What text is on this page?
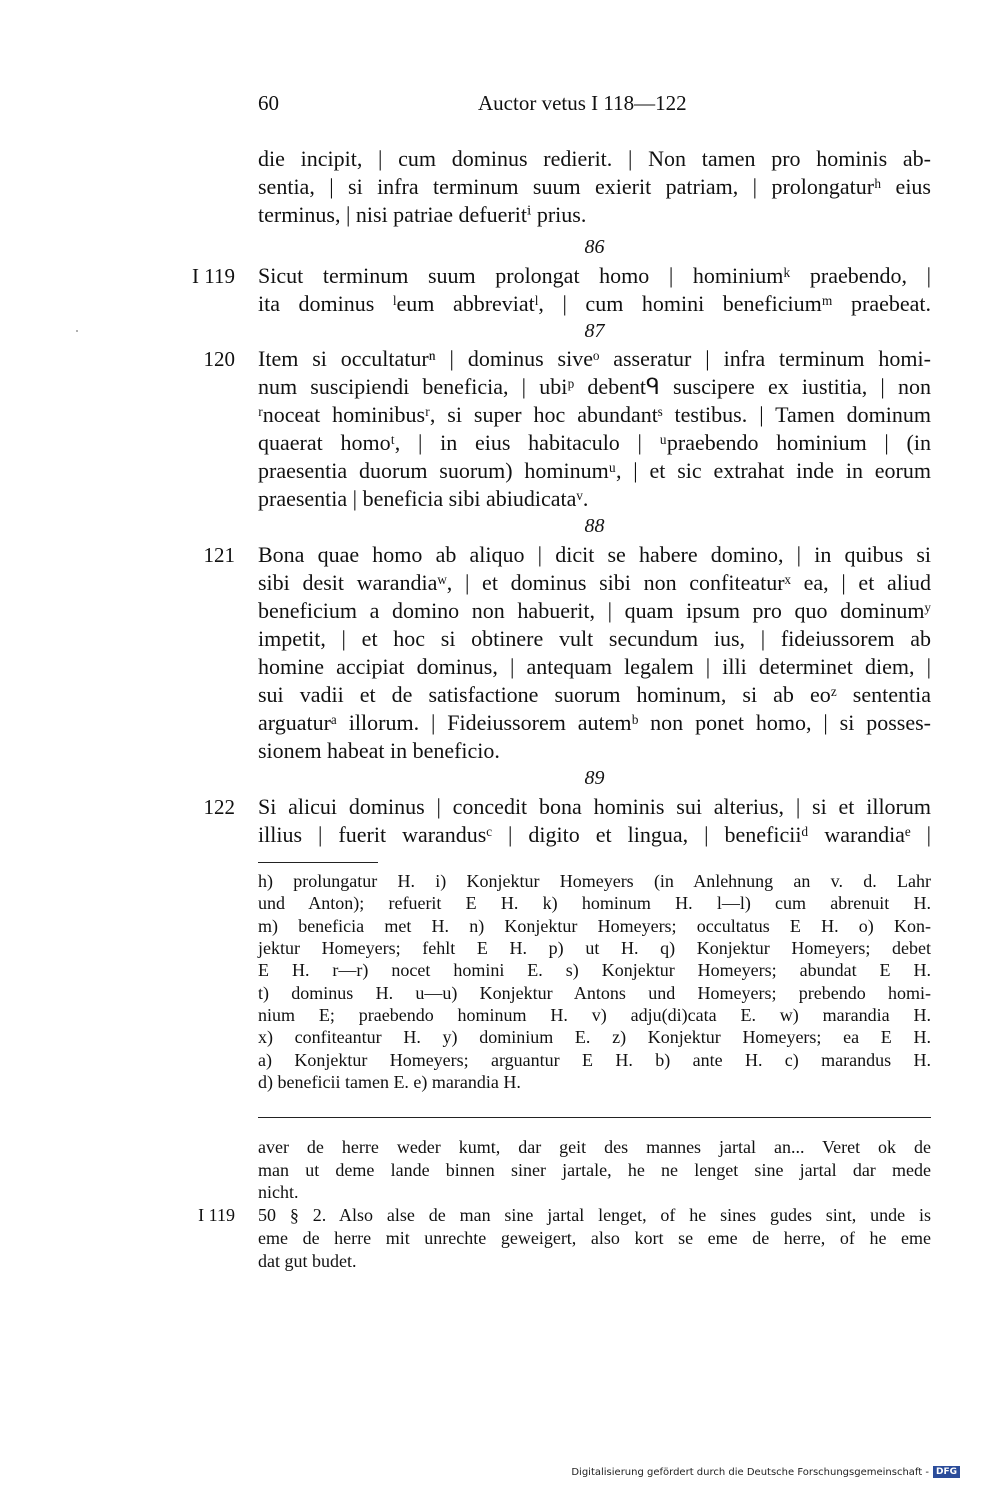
60	Auctor vetus I 118—122
die incipit, | cum dominus redierit. | Non tamen pro hominis ab-
sentia, | si infra terminum suum exierit patriam, | prolongaturʰ eius
terminus, | nisi patriae defueritⁱ prius.
86
I 119 Sicut terminum suum prolongat homo | hominiumᵏ praebendo, |
ita dominus ˡeum abbreviatˡ, | cum homini beneficiumᵐ praebeat.
87
120 Item si occultaturⁿ | dominus siveᵒ asseratur | infra terminum homi-
num suscipiendi beneficia, | ubiᵖ debentᑫ suscipere ex iustitia, | non
ʳnoceat hominibusʳ, si super hoc abundantˢ testibus. | Tamen dominum
quaerat homoᵗ, | in eius habitaculo | ᵘpraebendo hominium | (in
praesentia duorum suorum) hominumᵘ, | et sic extrahat inde in eorum
praesentia | beneficia sibi abiudicataᵛ.
88
121 Bona quae homo ab aliquo | dicit se habere domino, | in quibus si
sibi desit warandiaʷ, | et dominus sibi non confiteaturˣ ea, | et aliud
beneficium a domino non habuerit, | quam ipsum pro quo dominumʸ
impetit, | et hoc si obtinere vult secundum ius, | fideiussorem ab
homine accipiat dominus, | antequam legalem | illi determinet diem, |
sui vadii et de satisfactione suorum hominum, si ab eoᶻ sententia
arguaturᵃ illorum. | Fideiussorem autemᵇ non ponet homo, | si posses-
sionem habeat in beneficio.
89
122 Si alicui dominus | concedit bona hominis sui alterius, | si et illorum
illius | fuerit warandusᶜ | digito et lingua, | beneficiiᵈ warandiaᵉ |
h) prolungatur H. i) Konjektur Homeyers (in Anlehnung an v. d. Lahr
und Anton); refuerit E H. k) hominum H. l—l) cum abrenuit H.
m) beneficia met H. n) Konjektur Homeyers; occultatus E H. o) Kon-
jektur Homeyers; fehlt E H. p) ut H. q) Konjektur Homeyers; debet
E H. r—r) nocet homini E. s) Konjektur Homeyers; abundat E H.
t) dominus H. u—u) Konjektur Antons und Homeyers; prebendo homi-
nium E; praebendo hominum H. v) adju(di)cata E. w) marandia H.
x) confiteantur H. y) dominium E. z) Konjektur Homeyers; ea E H.
a) Konjektur Homeyers; arguantur E H. b) ante H. c) marandus H.
d) beneficii tamen E. e) marandia H.
aver de herre weder kumt, dar geit des mannes jartal an... Veret ok de
man ut deme lande binnen siner jartale, he ne lenget sine jartal dar mede
nicht.
I 119 50 § 2. Also alse de man sine jartal lenget, of he sines gudes sint, unde is
eme de herre mit unrechte geweigert, also kort se eme de herre, of he eme
dat gut budet.
Digitalisierung gefördert durch die Deutsche Forschungsgemeinschaft - DFG
